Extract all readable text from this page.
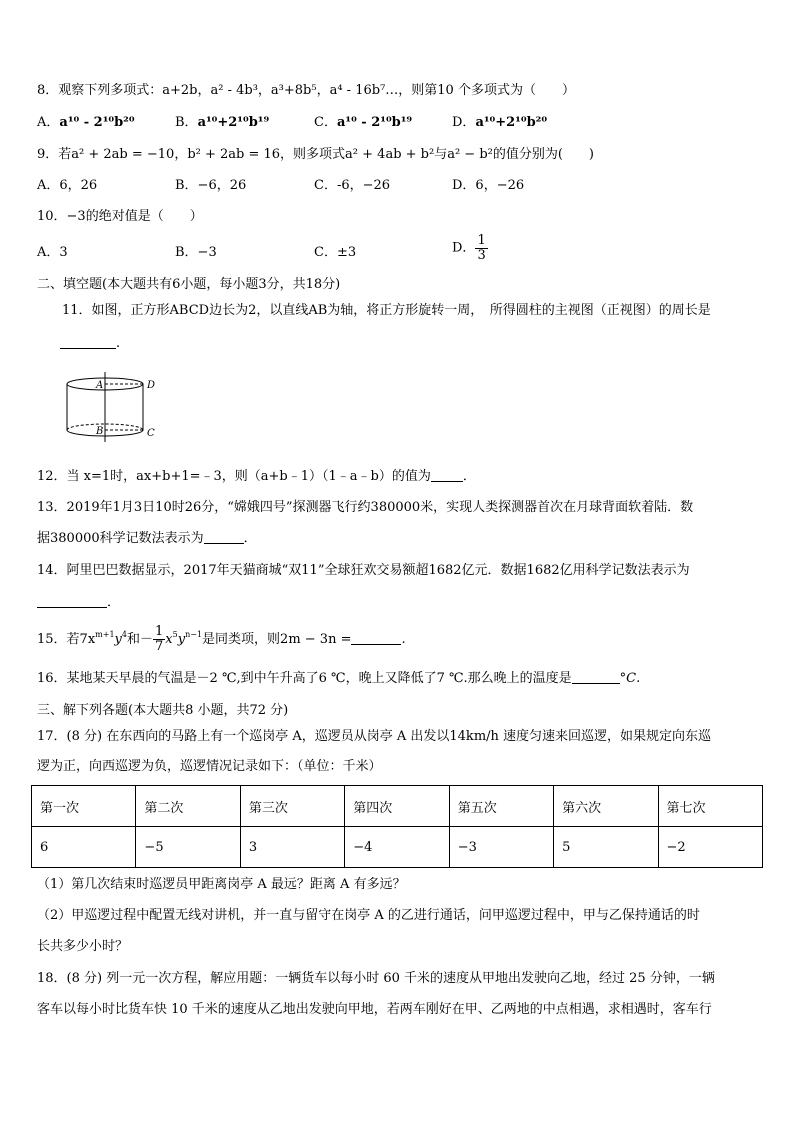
8．观察下列多项式：a+2b，a² - 4b³，a³+8b⁵，a⁴ - 16b⁷…，则第10 个多项式为（　　）
A．a¹⁰ - 2¹⁰b²⁰	B．a¹⁰+2¹⁰b¹⁹	C．a¹⁰ - 2¹⁰b¹⁹	D．a¹⁰+2¹⁰b²⁰
9．若a² + 2ab = −10，b² + 2ab = 16，则多项式a² + 4ab + b²与a² − b²的值分别为(　　)
A．6，26	B．−6，26	C．-6，−26	D．6，−26
10．−3的绝对值是（　　）
A．3	B．−3	C．±3	D． $\frac{1}{3}$
二、填空题(本大题共有6小题，每小题3分，共18分)
11．如图，正方形ABCD边长为2，以直线AB为轴，将正方形旋转一周，　所得圆柱的主视图（正视图）的周长是
.
A	D
B	C
12．当 x=1时，ax+b+1=﹣3，则（a+b﹣1）（1﹣a﹣b）的值为 ．
13．2019年1月3日10时26分，“嫦娥四号”探测器飞行约380000米，实现人类探测器首次在月球背面软着陆．数
据380000科学记数法表示为	．
14．阿里巴巴数据显示，2017年天猫商城“双11”全球狂欢交易额超1682亿元．数据1682亿用科学记数法表示为
．
15．若$7x^{m+1}y^4$和－ $\frac{1}{7} x^5y^{n-1}$是同类项，则2m − 3n =	.
16．某地某天早晨的气温是－2 ℃,到中午升高了6 ℃，晚上又降低了7 ℃.那么晚上的温度是	°C.
三、解下列各题(本大题共8 小题，共72 分)
17．(8 分) 在东西向的马路上有一个巡岗亭 A，巡逻员从岗亭 A 出发以14km/h 速度匀速来回巡逻，如果规定向东巡
逻为正，向西巡逻为负，巡逻情况记录如下：（单位：千米）
第一次	第二次	第三次	第四次	第五次	第六次	第七次
6	−5	3	−4	−3	5	−2
（1）第几次结束时巡逻员甲距离岗亭 A 最远？距离 A 有多远？
（2）甲巡逻过程中配置无线对讲机，并一直与留守在岗亭 A 的乙进行通话，问甲巡逻过程中，甲与乙保持通话的时
长共多少小时？
18．(8 分) 列一元一次方程，解应用题：一辆货车以每小时 60 千米的速度从甲地出发驶向乙地，经过 25 分钟，一辆
客车以每小时比货车快 10 千米的速度从乙地出发驶向甲地，若两车刚好在甲、乙两地的中点相遇，求相遇时，客车行
